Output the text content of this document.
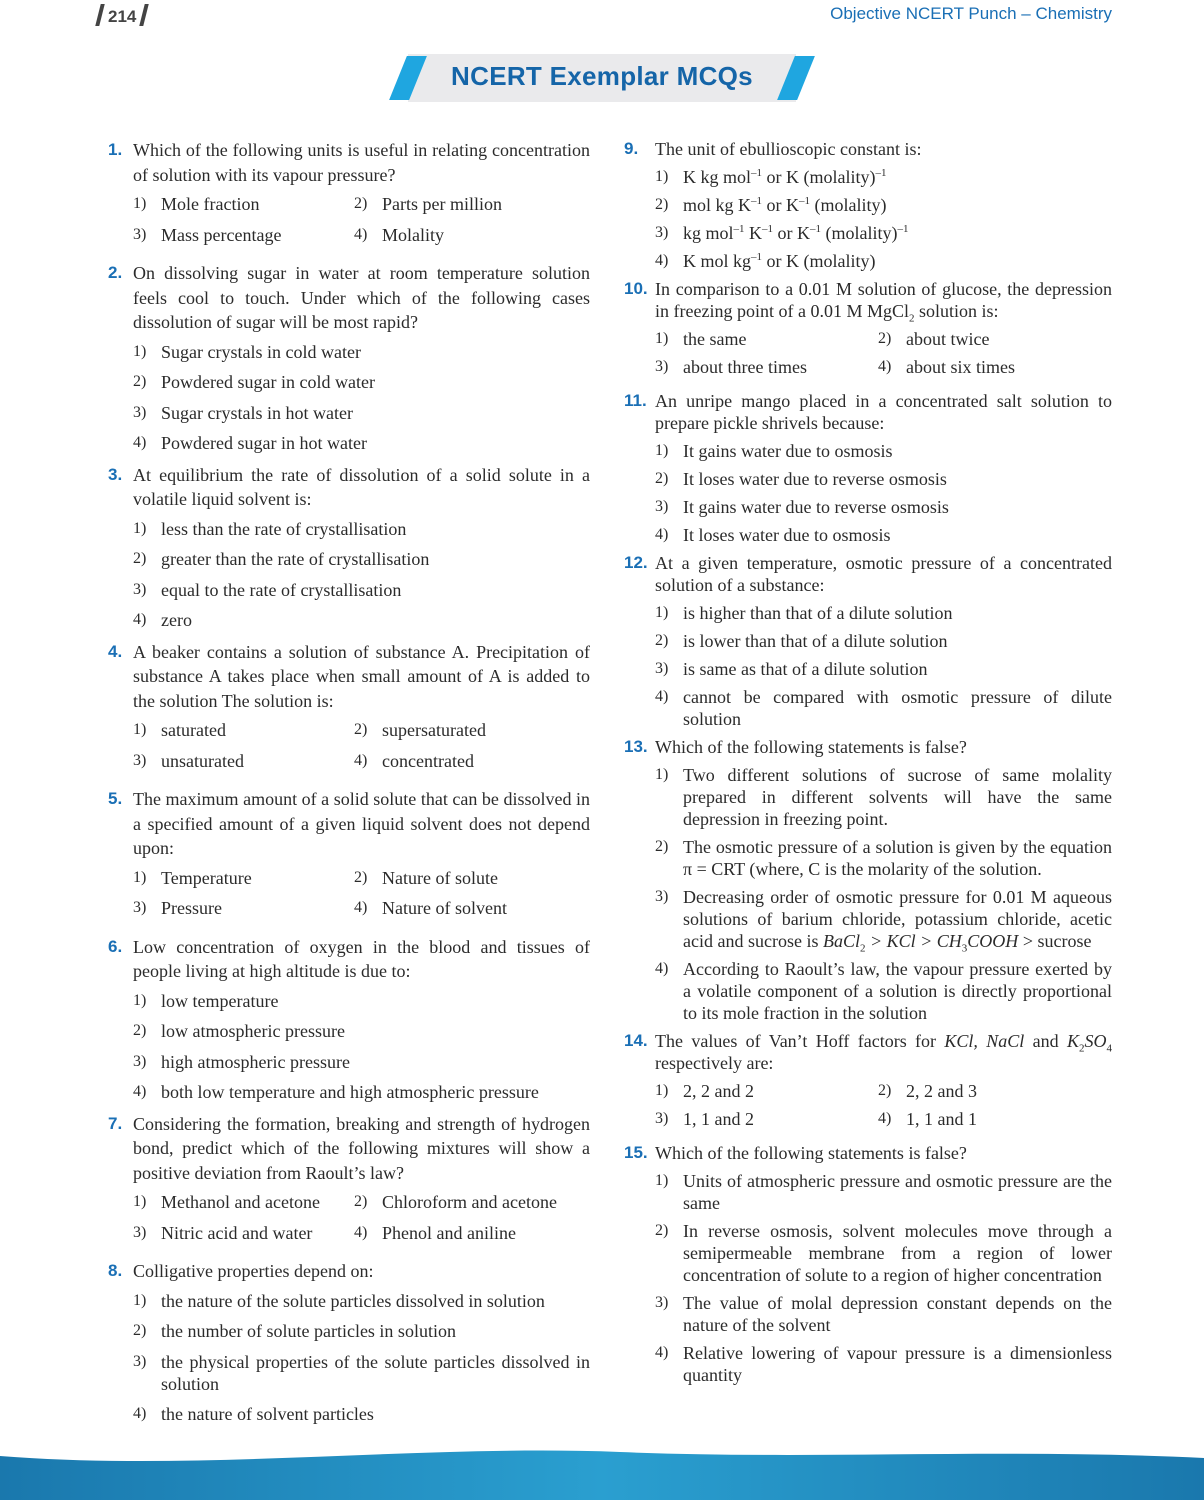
214	Objective NCERT Punch – Chemistry
NCERT Exemplar MCQs
1. Which of the following units is useful in relating concentration of solution with its vapour pressure?
1) Mole fraction	2) Parts per million
3) Mass percentage	4) Molality
2. On dissolving sugar in water at room temperature solution feels cool to touch. Under which of the following cases dissolution of sugar will be most rapid?
1) Sugar crystals in cold water
2) Powdered sugar in cold water
3) Sugar crystals in hot water
4) Powdered sugar in hot water
3. At equilibrium the rate of dissolution of a solid solute in a volatile liquid solvent is:
1) less than the rate of crystallisation
2) greater than the rate of crystallisation
3) equal to the rate of crystallisation
4) zero
4. A beaker contains a solution of substance A. Precipitation of substance A takes place when small amount of A is added to the solution The solution is:
1) saturated	2) supersaturated
3) unsaturated	4) concentrated
5. The maximum amount of a solid solute that can be dissolved in a specified amount of a given liquid solvent does not depend upon:
1) Temperature	2) Nature of solute
3) Pressure	4) Nature of solvent
6. Low concentration of oxygen in the blood and tissues of people living at high altitude is due to:
1) low temperature
2) low atmospheric pressure
3) high atmospheric pressure
4) both low temperature and high atmospheric pressure
7. Considering the formation, breaking and strength of hydrogen bond, predict which of the following mixtures will show a positive deviation from Raoult’s law?
1) Methanol and acetone	2) Chloroform and acetone
3) Nitric acid and water	4) Phenol and aniline
8. Colligative properties depend on:
1) the nature of the solute particles dissolved in solution
2) the number of solute particles in solution
3) the physical properties of the solute particles dissolved in solution
4) the nature of solvent particles
9. The unit of ebullioscopic constant is:
1) K kg mol$^{-1}$ or K (molality)$^{-1}$
2) mol kg $K^{-1}$ or $K^{-1}$ (molality)
3) kg mol$^{-1}$ $K^{-1}$ or $K^{-1}$ (molality)$^{-1}$
4) K mol $kg^{-1}$ or K (molality)
10. In comparison to a 0.01 M solution of glucose, the depression in freezing point of a 0.01 M MgCl$_2$ solution is:
1) the same	2) about twice
3) about three times	4) about six times
11. An unripe mango placed in a concentrated salt solution to prepare pickle shrivels because:
1) It gains water due to osmosis
2) It loses water due to reverse osmosis
3) It gains water due to reverse osmosis
4) It loses water due to osmosis
12. At a given temperature, osmotic pressure of a concentrated solution of a substance:
1) is higher than that of a dilute solution
2) is lower than that of a dilute solution
3) is same as that of a dilute solution
4) cannot be compared with osmotic pressure of dilute solution
13. Which of the following statements is false?
1) Two different solutions of sucrose of same molality prepared in different solvents will have the same depression in freezing point.
2) The osmotic pressure of a solution is given by the equation π = CRT (where, C is the molarity of the solution.
3) Decreasing order of osmotic pressure for 0.01 M aqueous solutions of barium chloride, potassium chloride, acetic acid and sucrose is BaCl$_2$ > KCl > $CH_3COOH$ > sucrose
4) According to Raoult’s law, the vapour pressure exerted by a volatile component of a solution is directly proportional to its mole fraction in the solution
14. The values of Van’t Hoff factors for KCl, NaCl and $K_2SO_4$ respectively are:
1) 2, 2 and 2	2) 2, 2 and 3
3) 1, 1 and 2	4) 1, 1 and 1
15. Which of the following statements is false?
1) Units of atmospheric pressure and osmotic pressure are the same
2) In reverse osmosis, solvent molecules move through a semipermeable membrane from a region of lower concentration of solute to a region of higher concentration
3) The value of molal depression constant depends on the nature of the solvent
4) Relative lowering of vapour pressure is a dimensionless quantity
